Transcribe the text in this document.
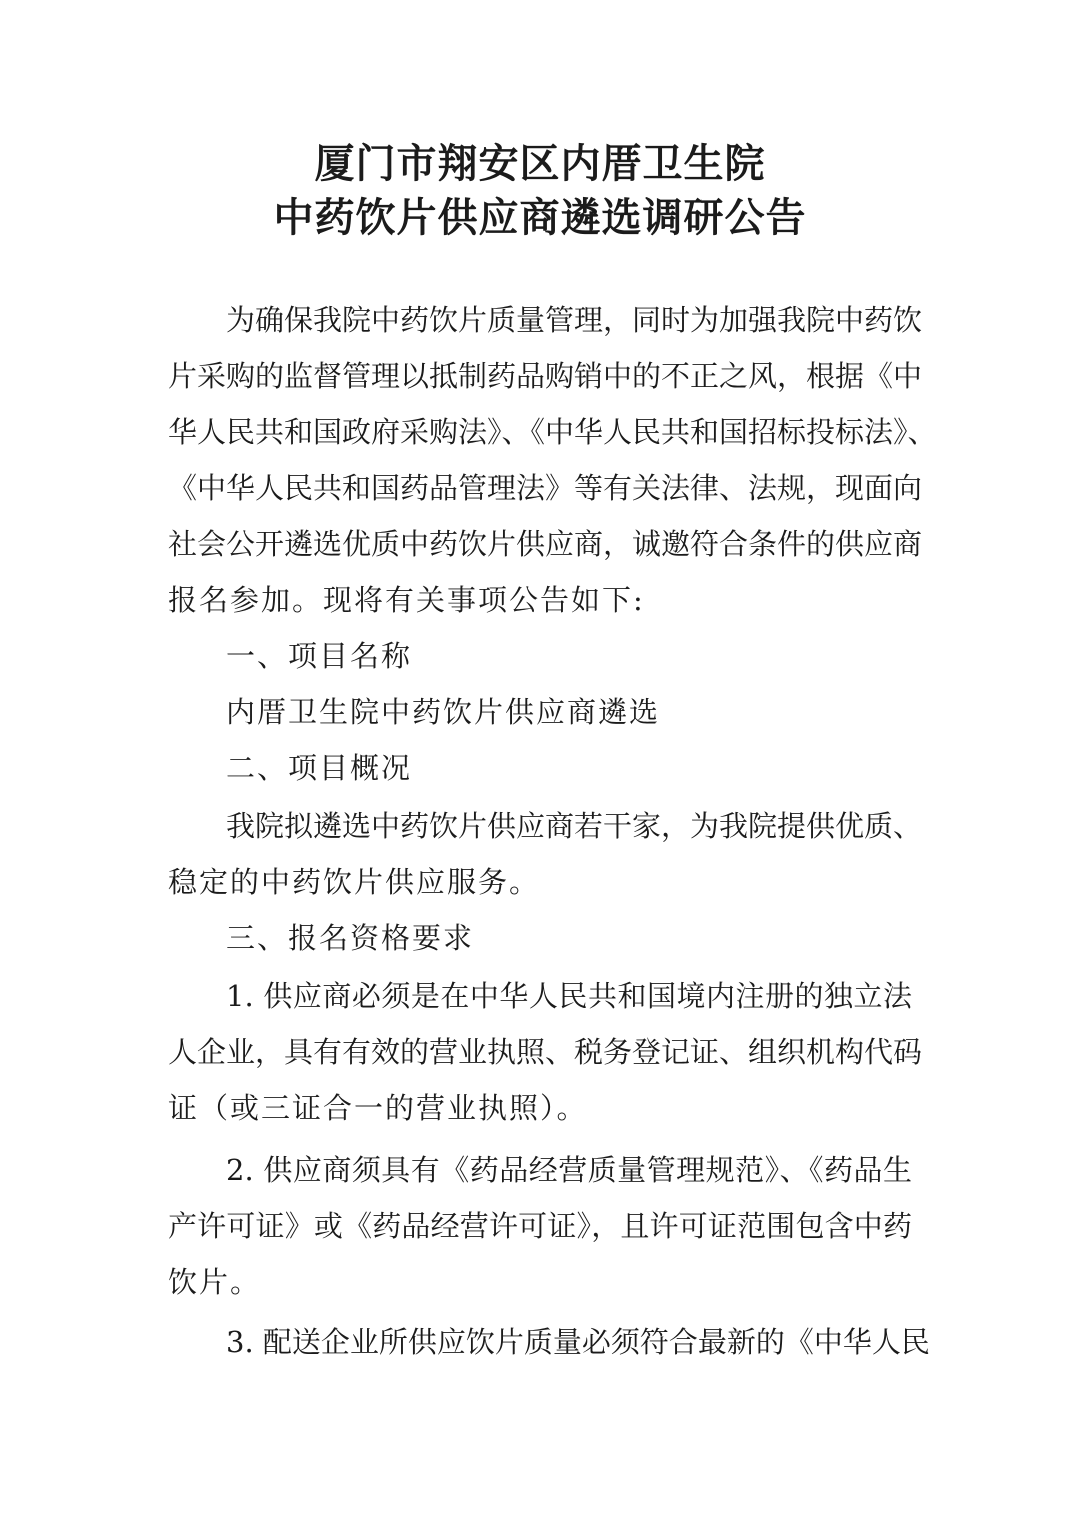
厦门市翔安区内厝卫生院
中药饮片供应商遴选调研公告
为确保我院中药饮片质量管理，同时为加强我院中药饮
片采购的监督管理以抵制药品购销中的不正之风，根据《中
华人民共和国政府采购法》、《中华人民共和国招标投标法》、
《中华人民共和国药品管理法》等有关法律、法规，现面向
社会公开遴选优质中药饮片供应商，诚邀符合条件的供应商
报名参加。现将有关事项公告如下:
一、项目名称
内厝卫生院中药饮片供应商遴选
二、项目概况
我院拟遴选中药饮片供应商若干家，为我院提供优质、
稳定的中药饮片供应服务。
三、报名资格要求
1. 供应商必须是在中华人民共和国境内注册的独立法
人企业，具有有效的营业执照、税务登记证、组织机构代码
证（或三证合一的营业执照）。
2. 供应商须具有《药品经营质量管理规范》、《药品生
产许可证》或《药品经营许可证》，且许可证范围包含中药
饮片。
3. 配送企业所供应饮片质量必须符合最新的《中华人民
